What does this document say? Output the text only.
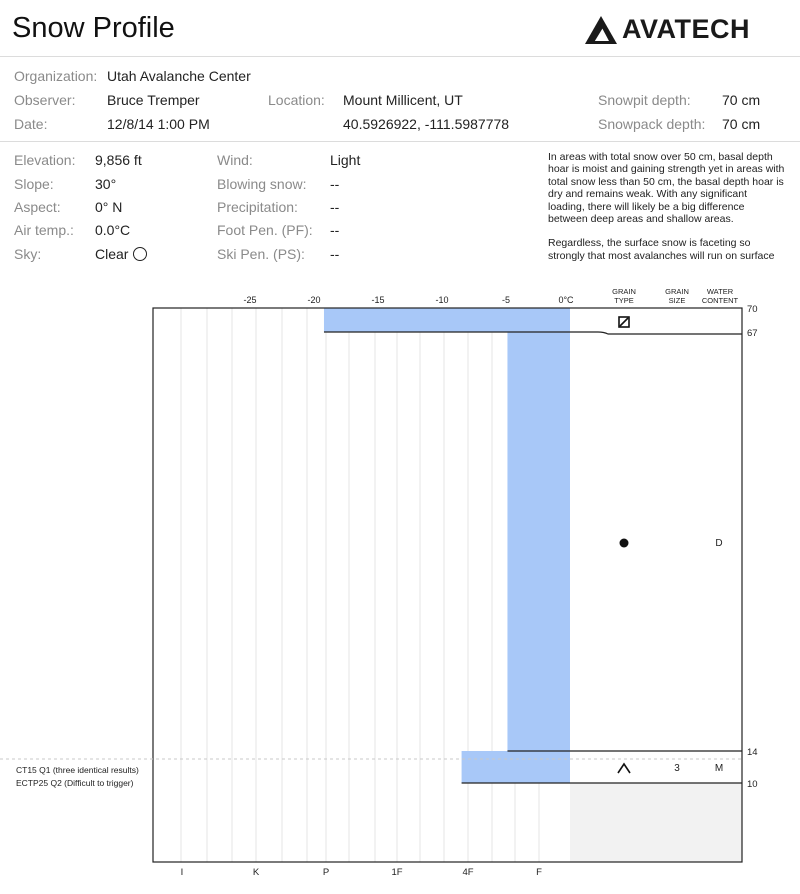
Snow Profile	AVATECH
Organization: Utah Avalanche Center
Observer: Bruce Tremper	Location: Mount Millicent, UT	Snowpit depth: 70 cm
Date:	12/8/14 1:00 PM	40.5926922, -111.5987778	Snowpack depth: 70 cm
Elevation: 9,856 ft
Slope:	30°
Aspect: 0° N
Air temp.: 0.0°C
Sky:	Clear
Wind:	Light
Blowing snow: --
Precipitation: --
Foot Pen. (PF): --
Ski Pen. (PS): --

In areas with total snow over 50 cm, basal depth hoar is moist and gaining strength yet in areas with total snow less than 50 cm, the basal depth hoar is dry and remains weak. With any significant loading, there will likely be a big difference between deep areas and shallow areas.

Regardless, the surface snow is faceting so strongly that most avalanches will run on surface

-25	-20	-15	-10	-5	0°C
GRAIN
TYPE
GRAIN
SIZE
WATER
CONTENT
70
67
14
10
I	K	P	1F	4F	F
D
3	M
CT15 Q1 (three identical results)
ECTP25 Q2 (Difficult to trigger)
